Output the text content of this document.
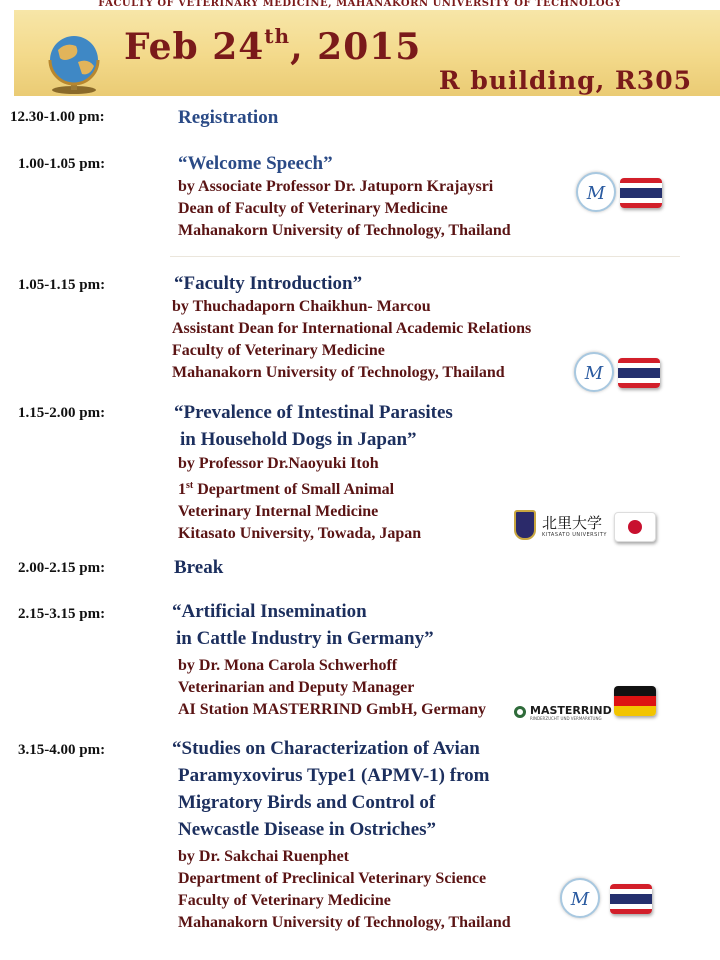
FACULTY OF VETERINARY MEDICINE, MAHANAKORN UNIVERSITY OF TECHNOLOGY
Feb 24th, 2015
R building, R305
12.30-1.00 pm:	Registration
1.00-1.05 pm:	“Welcome Speech”
by Associate Professor Dr. Jatuporn Krajaysri
Dean of Faculty of Veterinary Medicine
Mahanakorn University of Technology, Thailand
M
1.05-1.15 pm:	“Faculty Introduction”
by Thuchadaporn Chaikhun- Marcou
Assistant Dean for International Academic Relations
Faculty of Veterinary Medicine
Mahanakorn University of Technology, Thailand	M
1.15-2.00 pm:	“Prevalence of Intestinal Parasites
in Household Dogs in Japan”
by Professor Dr.Naoyuki Itoh
1st Department of Small Animal
Veterinary Internal Medicine
Kitasato University, Towada, Japan
北里大学
KITASATO UNIVERSITY
2.00-2.15 pm:	Break
2.15-3.15 pm:	“Artificial Insemination
in Cattle Industry in Germany”
by Dr. Mona Carola Schwerhoff
Veterinarian and Deputy Manager
AI Station MASTERRIND GmbH, Germany	MASTERRIND
RINDERZUCHT UND VERMARKTUNG
3.15-4.00 pm:	“Studies on Characterization of Avian
Paramyxovirus Type1 (APMV-1) from
Migratory Birds and Control of
Newcastle Disease in Ostriches”
by Dr. Sakchai Ruenphet
Department of Preclinical Veterinary Science
Faculty of Veterinary Medicine
Mahanakorn University of Technology, Thailand
M
